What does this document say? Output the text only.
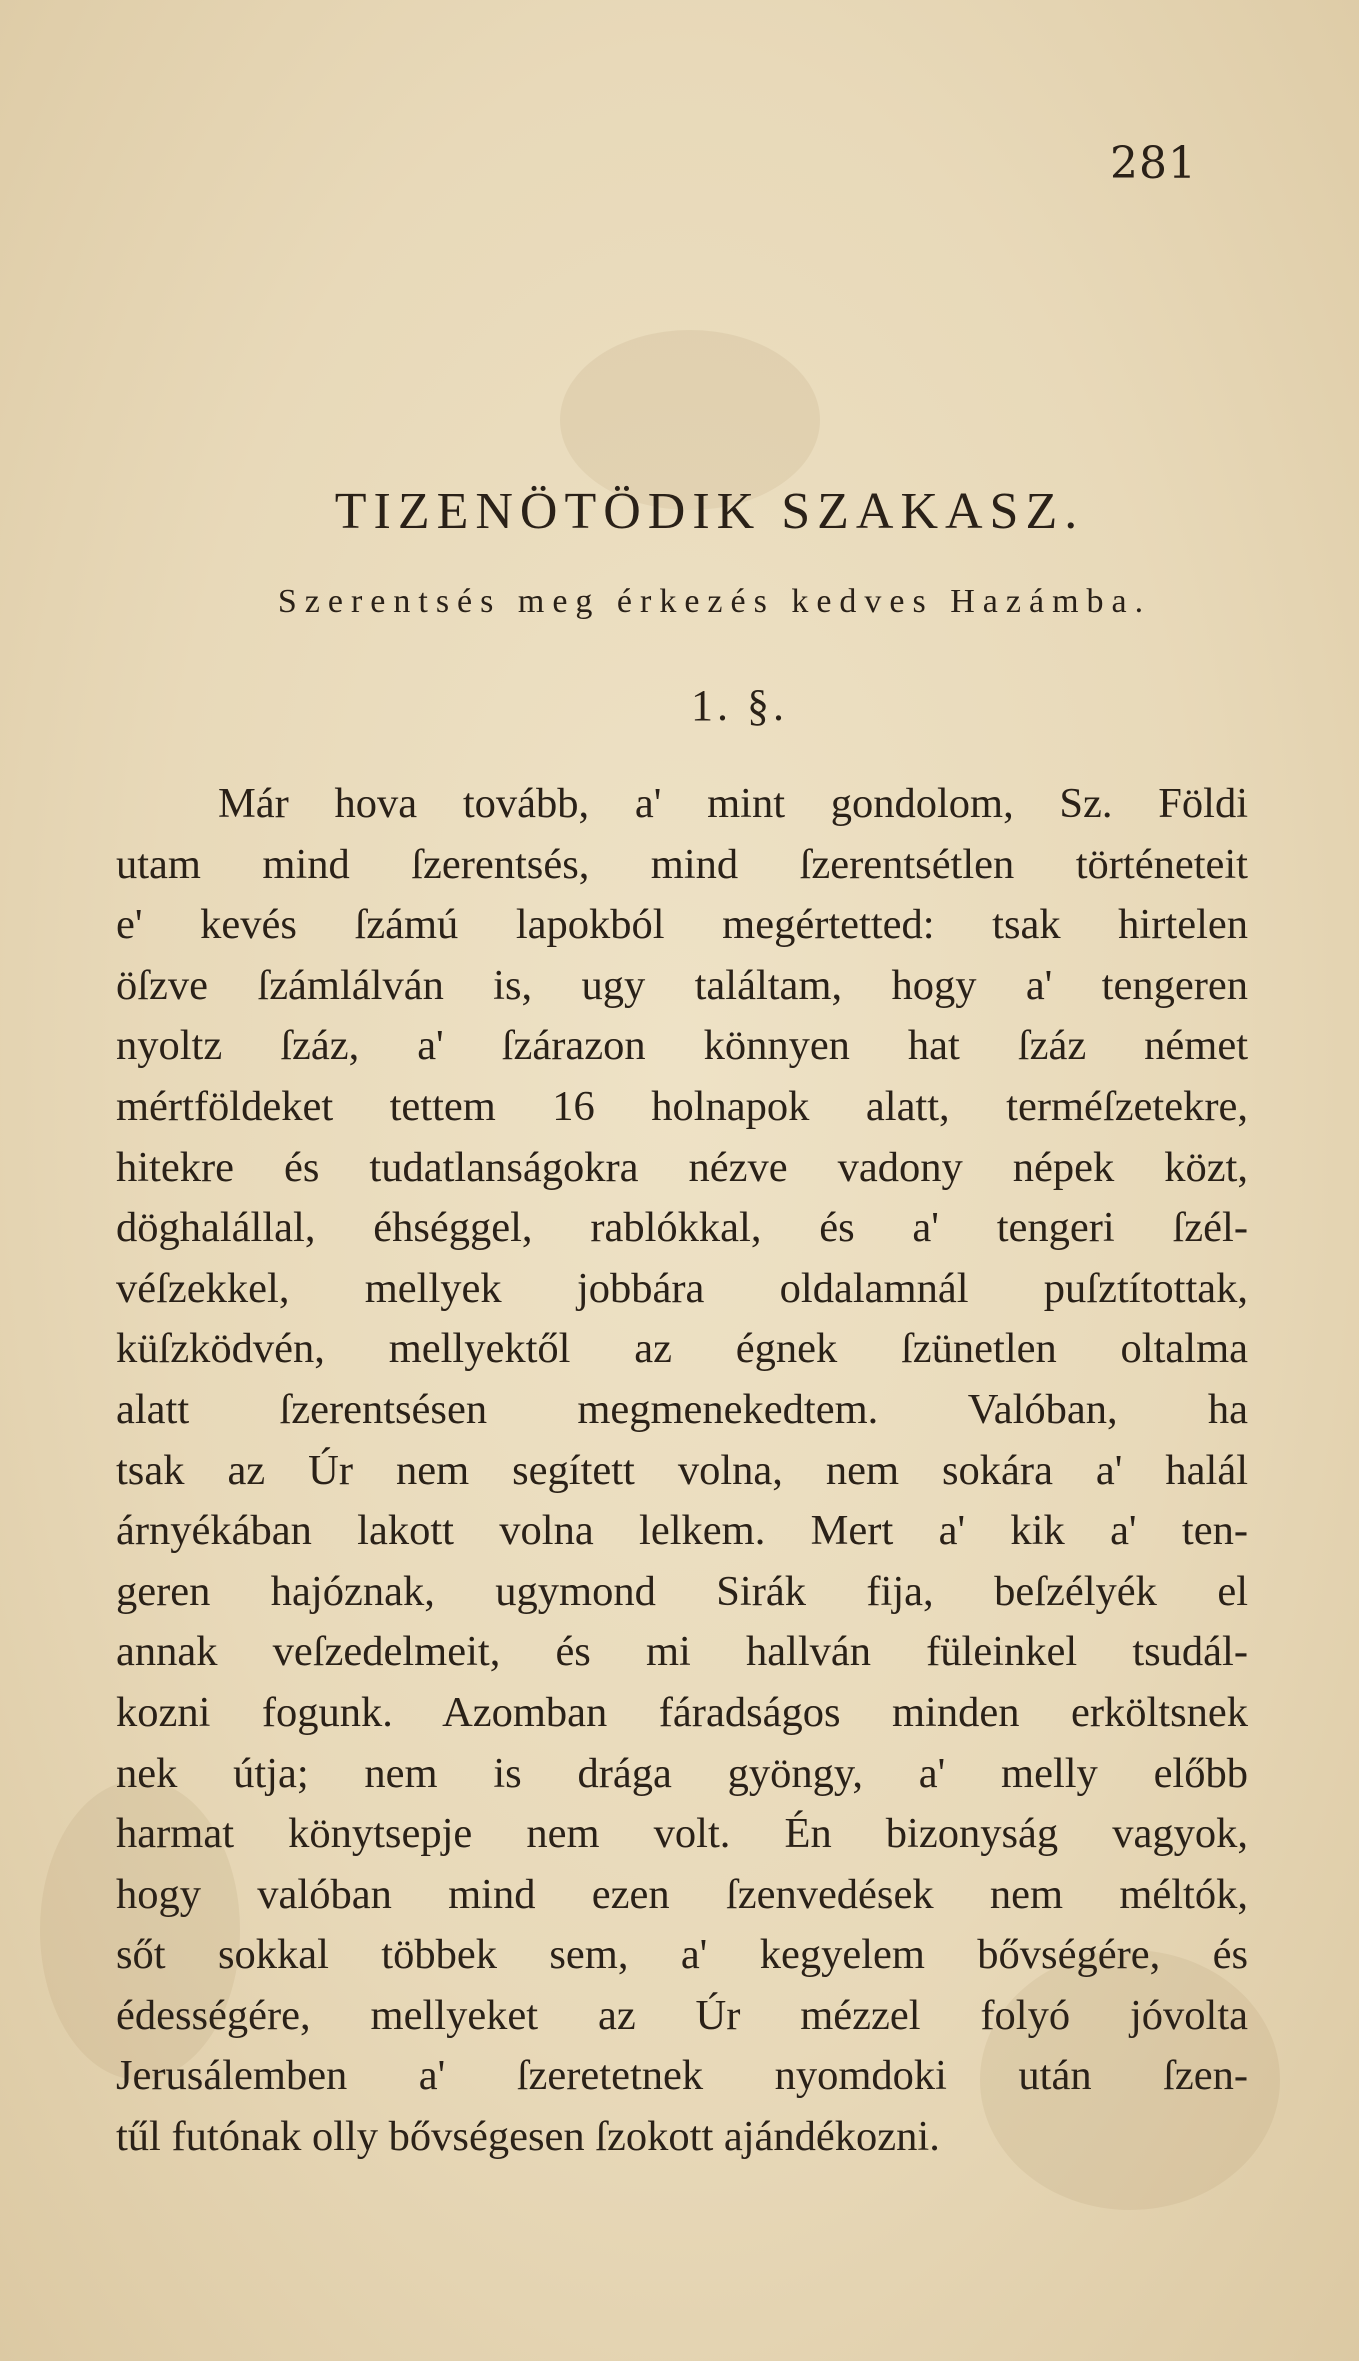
281
TIZENÖTÖDIK SZAKASZ.
Szerentsés meg érkezés kedves Hazámba.
1. §.
Már hova tovább, a' mint gondolom, Sz. Földi
utam mind ſzerentsés, mind ſzerentsétlen történeteit
e' kevés ſzámú lapokból megértetted: tsak hirtelen
öſzve ſzámlálván is, ugy találtam, hogy a' tengeren
nyoltz ſzáz, a' ſzárazon könnyen hat ſzáz német
mértföldeket tettem 16 holnapok alatt, terméſzetekre,
hitekre és tudatlanságokra nézve vadony népek közt,
döghalállal, éhséggel, rablókkal, és a' tengeri ſzél-
véſzekkel, mellyek jobbára oldalamnál puſztítottak,
küſzködvén, mellyektől az égnek ſzünetlen oltalma
alatt ſzerentsésen megmenekedtem. Valóban, ha
tsak az Úr nem segített volna, nem sokára a' halál
árnyékában lakott volna lelkem. Mert a' kik a' ten-
geren hajóznak, ugymond Sirák fija, beſzélyék el
annak veſzedelmeit, és mi hallván füleinkel tsudál-
kozni fogunk. Azomban fáradságos minden erköltsnek
nek útja; nem is drága gyöngy, a' melly előbb
harmat könytsepje nem volt. Én bizonyság vagyok,
hogy valóban mind ezen ſzenvedések nem méltók,
sőt sokkal többek sem, a' kegyelem bővségére, és
édességére, mellyeket az Úr mézzel folyó jóvolta
Jerusálemben a' ſzeretetnek nyomdoki után ſzen-
tűl futónak olly bővségesen ſzokott ajándékozni.
